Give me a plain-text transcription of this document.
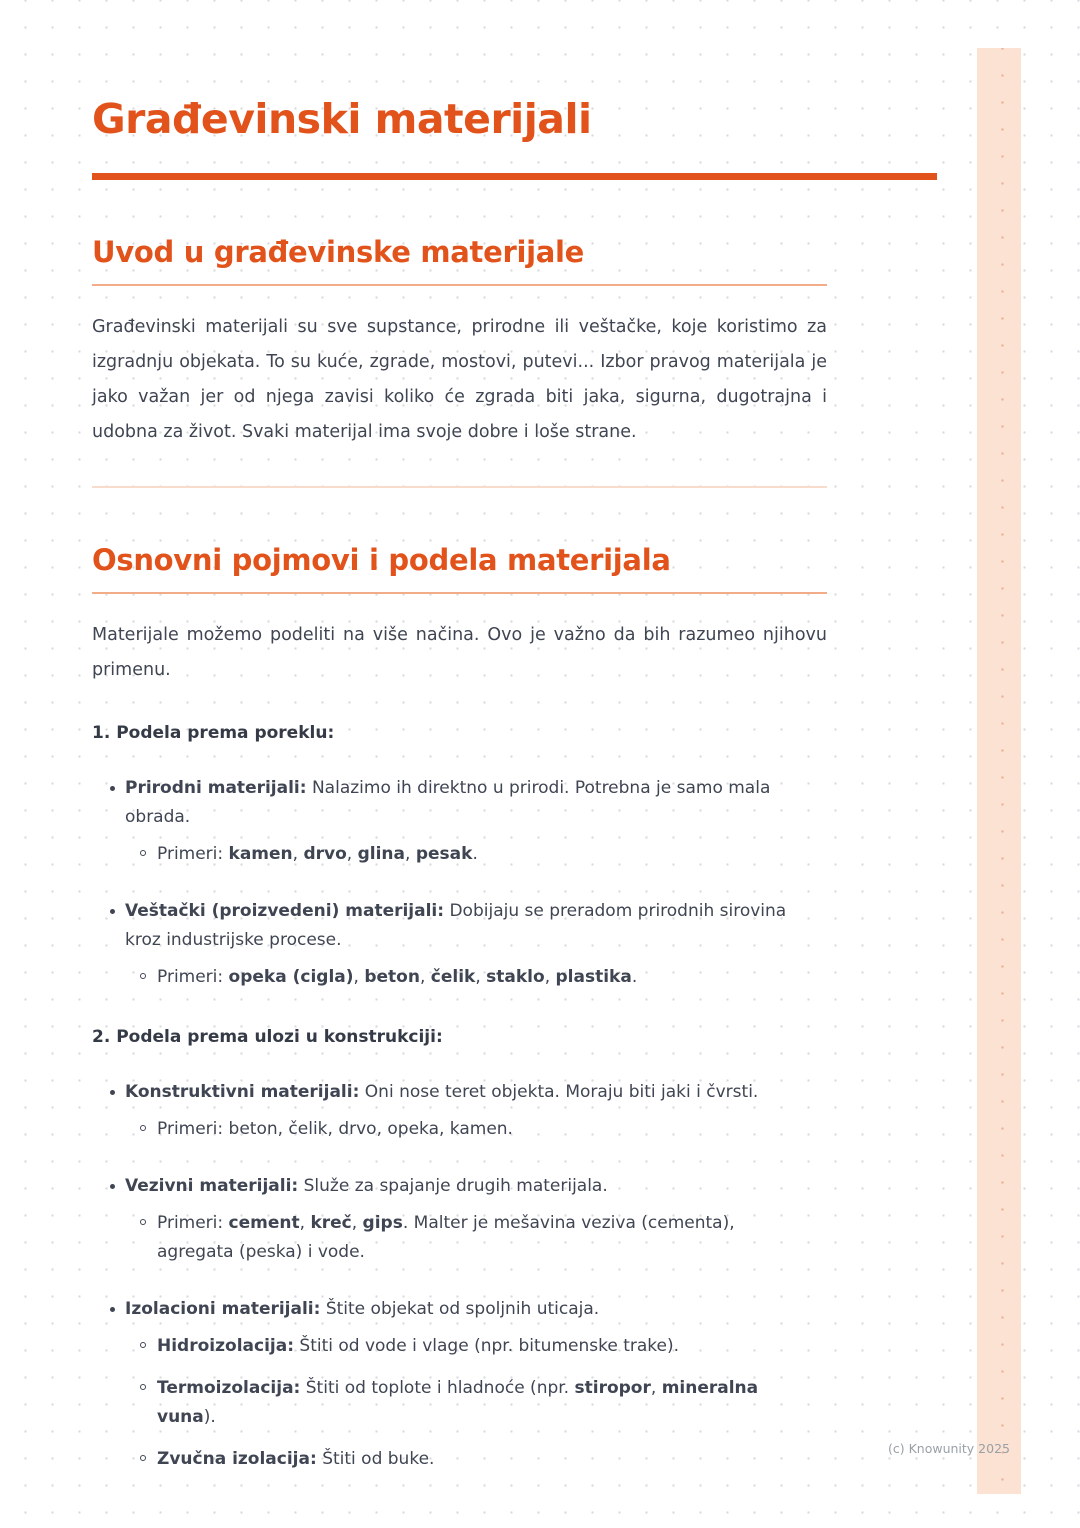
Građevinski materijali
Uvod u građevinske materijale

Građevinski materijali su sve supstance, prirodne ili veštačke, koje koristimo za izgradnju objekata. To su kuće, zgrade, mostovi, putevi... Izbor pravog materijala je jako važan jer od njega zavisi koliko će zgrada biti jaka, sigurna, dugotrajna i udobna za život. Svaki materijal ima svoje dobre i loše strane.

Osnovni pojmovi i podela materijala

Materijale možemo podeliti na više načina. Ovo je važno da bih razumeo njihovu primenu.

1. Podela prema poreklu:

Prirodni materijali: Nalazimo ih direktno u prirodi. Potrebna je samo mala obrada.
Primeri: kamen, drvo, glina, pesak.
Veštački (proizvedeni) materijali: Dobijaju se preradom prirodnih sirovina kroz industrijske procese.
Primeri: opeka (cigla), beton, čelik, staklo, plastika.

2. Podela prema ulozi u konstrukciji:

Konstruktivni materijali: Oni nose teret objekta. Moraju biti jaki i čvrsti.
Primeri: beton, čelik, drvo, opeka, kamen.
Vezivni materijali: Služe za spajanje drugih materijala.
Primeri: cement, kreč, gips. Malter je mešavina veziva (cementa), agregata (peska) i vode.
Izolacioni materijali: Štite objekat od spoljnih uticaja.
Hidroizolacija: Štiti od vode i vlage (npr. bitumenske trake).
Termoizolacija: Štiti od toplote i hladnoće (npr. stiropor, mineralna vuna).
Zvučna izolacija: Štiti od buke.
(c) Knowunity 2025
